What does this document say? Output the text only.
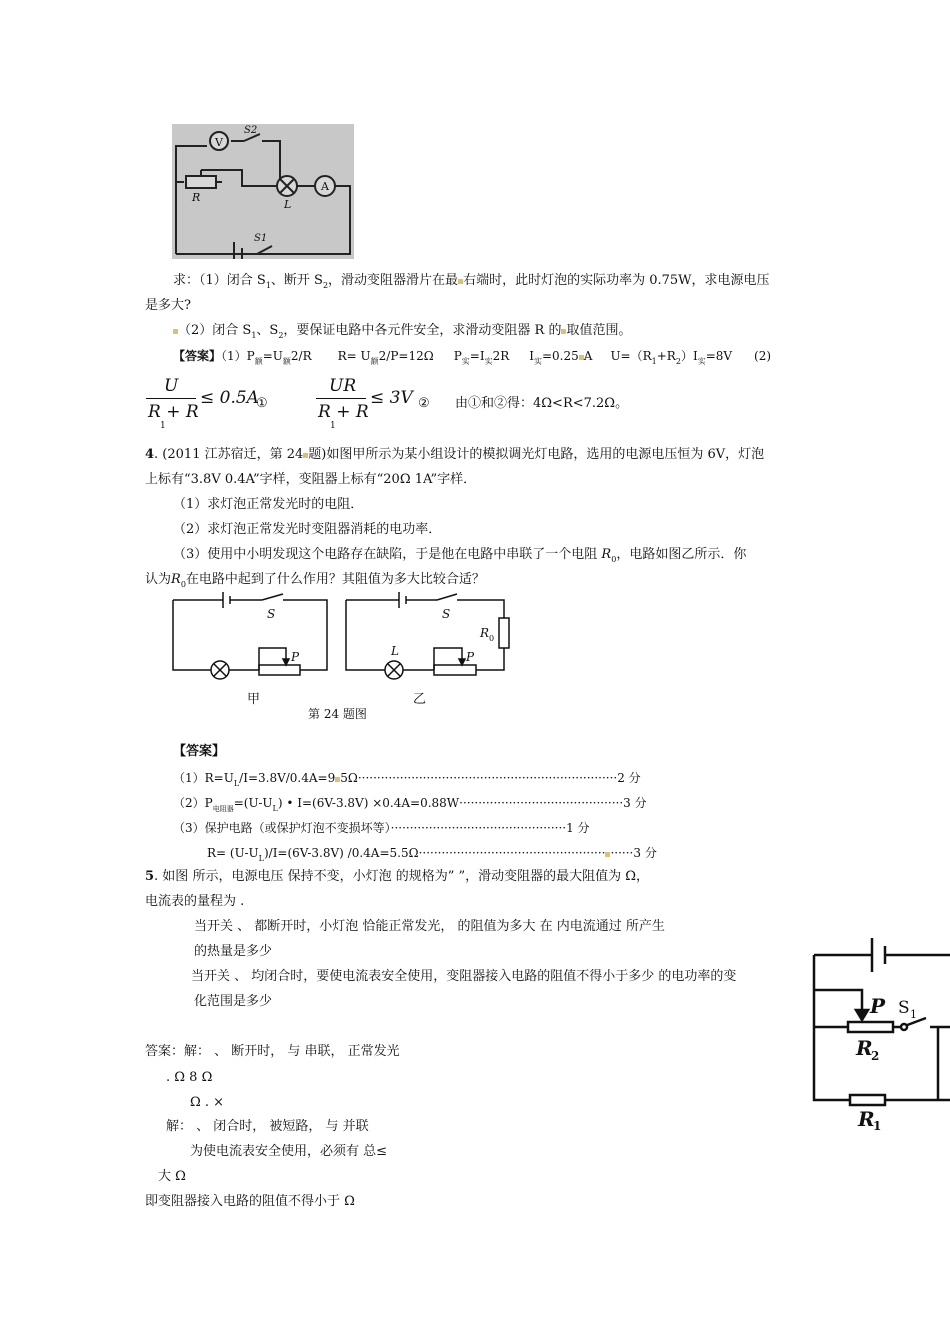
V
S2
A
R
L
S1
求：（1）闭合 $S_1$、断开 $S_2$，滑动变阻器滑片在最 右端时，此时灯泡的实际功率为 0.75W，求电源电压
是多大?
（2）闭合 $S_1$、$S_2$，要保证电路中各元件安全，求滑动变阻器 R 的 取值范围。
【答案】$(1)P_额=U_额2/R$ $R= U_额2/P=12\Omega$ $P_实=I_实2R$ $I_实=0.25$ A $U=(R_1+R_2)I_实=8V$ (2)
U
R + R
1
≤ 0.5A
①
UR
R + R
1
≤ 3V ② 由①和②得：4Ω<R<7.2Ω。
4. (2011 江苏宿迁，第 24 题)如图甲所示为某小组设计的模拟调光灯电路，选用的电源电压恒为 6V，灯泡
上标有“3.8V 0.4A”字样，变阻器上标有“20Ω 1A”字样．
（1）求灯泡正常发光时的电阻．
（2）求灯泡正常发光时变阻器消耗的电功率．
（3）使用中小明发现这个电路存在缺陷，于是他在电路中串联了一个电阻 $R_0$，电路如图乙所示．你
认为$R_0$在电路中起到了什么作用？其阻值为多大比较合适？
S
P
S
R 0
L	P
甲	乙
第 24 题图
【答案】
$(1)R=U_L/I=3.8V/0.4A=9$ 5Ω····································································2 分
$(2)P_{电阻器}=(U-U_L)$ • I=(6V-3.8V) ×0.4A=0.88W···········································3 分
（3）保护电路（或保护灯泡不变损坏等）··············································1 分
$R= (U-U_L)/I=(6V-3.8V)$ /0.4A=5.5Ω················································· ······3 分
5. 如图 所示，电源电压 保持不变，小灯泡 的规格为” ”，滑动变阻器的最大阻值为 Ω，
电流表的量程为 .
当开关 、 都断开时，小灯泡 恰能正常发光， 的阻值为多大 在 内电流通过 所产生
的热量是多少
当开关 、 均闭合时，要使电流表安全使用，变阻器接入电路的阻值不得小于多少 的电功率的变
化范围是多少
答案：解： 、 断开时， 与 串联， 正常发光
. Ω 8 Ω
Ω . ×
解： 、 闭合时， 被短路， 与 并联
为使电流表安全使用，必须有 总≤
大 Ω
即变阻器接入电路的阻值不得小于 Ω
P S 1
R
2
R
1
